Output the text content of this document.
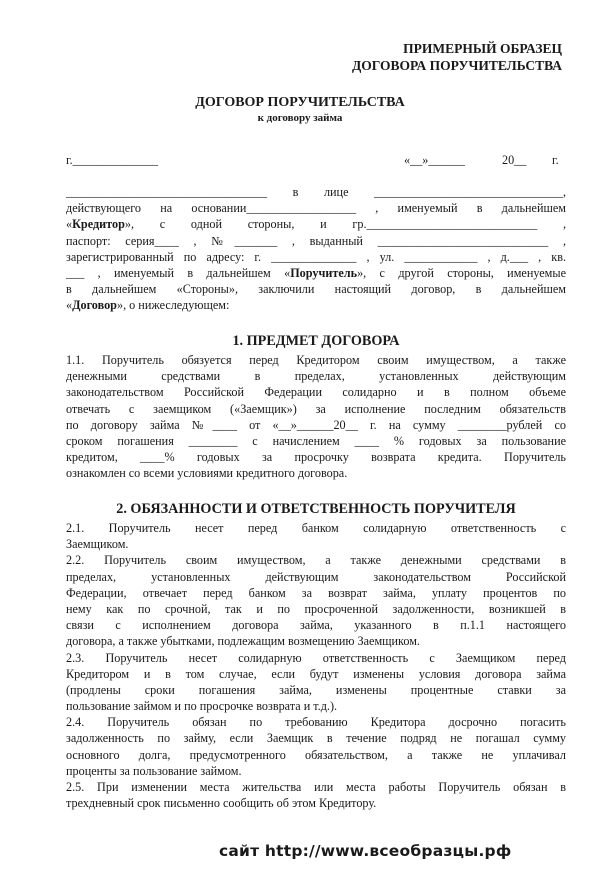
ПРИМЕРНЫЙ ОБРАЗЕЦ
ДОГОВОРА ПОРУЧИТЕЛЬСТВА
ДОГОВОР ПОРУЧИТЕЛЬСТВА
к договору займа
г.______________	«__»______	20__ г.
_________________________________ в лице _______________________________,
действующего на основании__________________ , именуемый в дальнейшем
«Кредитор», с одной стороны, и гр.____________________________ ,
паспорт: серия____ , №_______ , выданный ____________________________ ,
зарегистрированный по адресу: г. ______________ , ул. ____________ , д.___ , кв.
___ , именуемый в дальнейшем «Поручитель», с другой стороны, именуемые
в дальнейшем «Стороны», заключили настоящий договор, в дальнейшем
«Договор», о нижеследующем:
1. ПРЕДМЕТ ДОГОВОРА
1.1. Поручитель обязуется перед Кредитором своим имуществом, а также
денежными средствами в пределах, установленных действующим
законодательством Российской Федерации солидарно и в полном объеме
отвечать с заемщиком («Заемщик») за исполнение последним обязательств
по договору займа №____ от «__»______20__ г. на сумму ________рублей со
сроком погашения ________ с начислением ____ % годовых за пользование
кредитом, ____% годовых за просрочку возврата кредита. Поручитель
ознакомлен со всеми условиями кредитного договора.
2. ОБЯЗАННОСТИ И ОТВЕТСТВЕННОСТЬ ПОРУЧИТЕЛЯ
2.1. Поручитель несет перед банком солидарную ответственность с
Заемщиком.
2.2. Поручитель своим имуществом, а также денежными средствами в
пределах, установленных действующим законодательством Российской
Федерации, отвечает перед банком за возврат займа, уплату процентов по
нему как по срочной, так и по просроченной задолженности, возникшей в
связи с исполнением договора займа, указанного в п.1.1 настоящего
договора, а также убытками, подлежащим возмещению Заемщиком.
2.3. Поручитель несет солидарную ответственность с Заемщиком перед
Кредитором и в том случае, если будут изменены условия договора займа
(продлены сроки погашения займа, изменены процентные ставки за
пользование займом и по просрочке возврата и т.д.).
2.4. Поручитель обязан по требованию Кредитора досрочно погасить
задолженность по займу, если Заемщик в течение подряд не погашал сумму
основного долга, предусмотренного обязательством, а также не уплачивал
проценты за пользование займом.
2.5. При изменении места жительства или места работы Поручитель обязан в
трехдневный срок письменно сообщить об этом Кредитору.
сайт http://www.всеобразцы.рф
